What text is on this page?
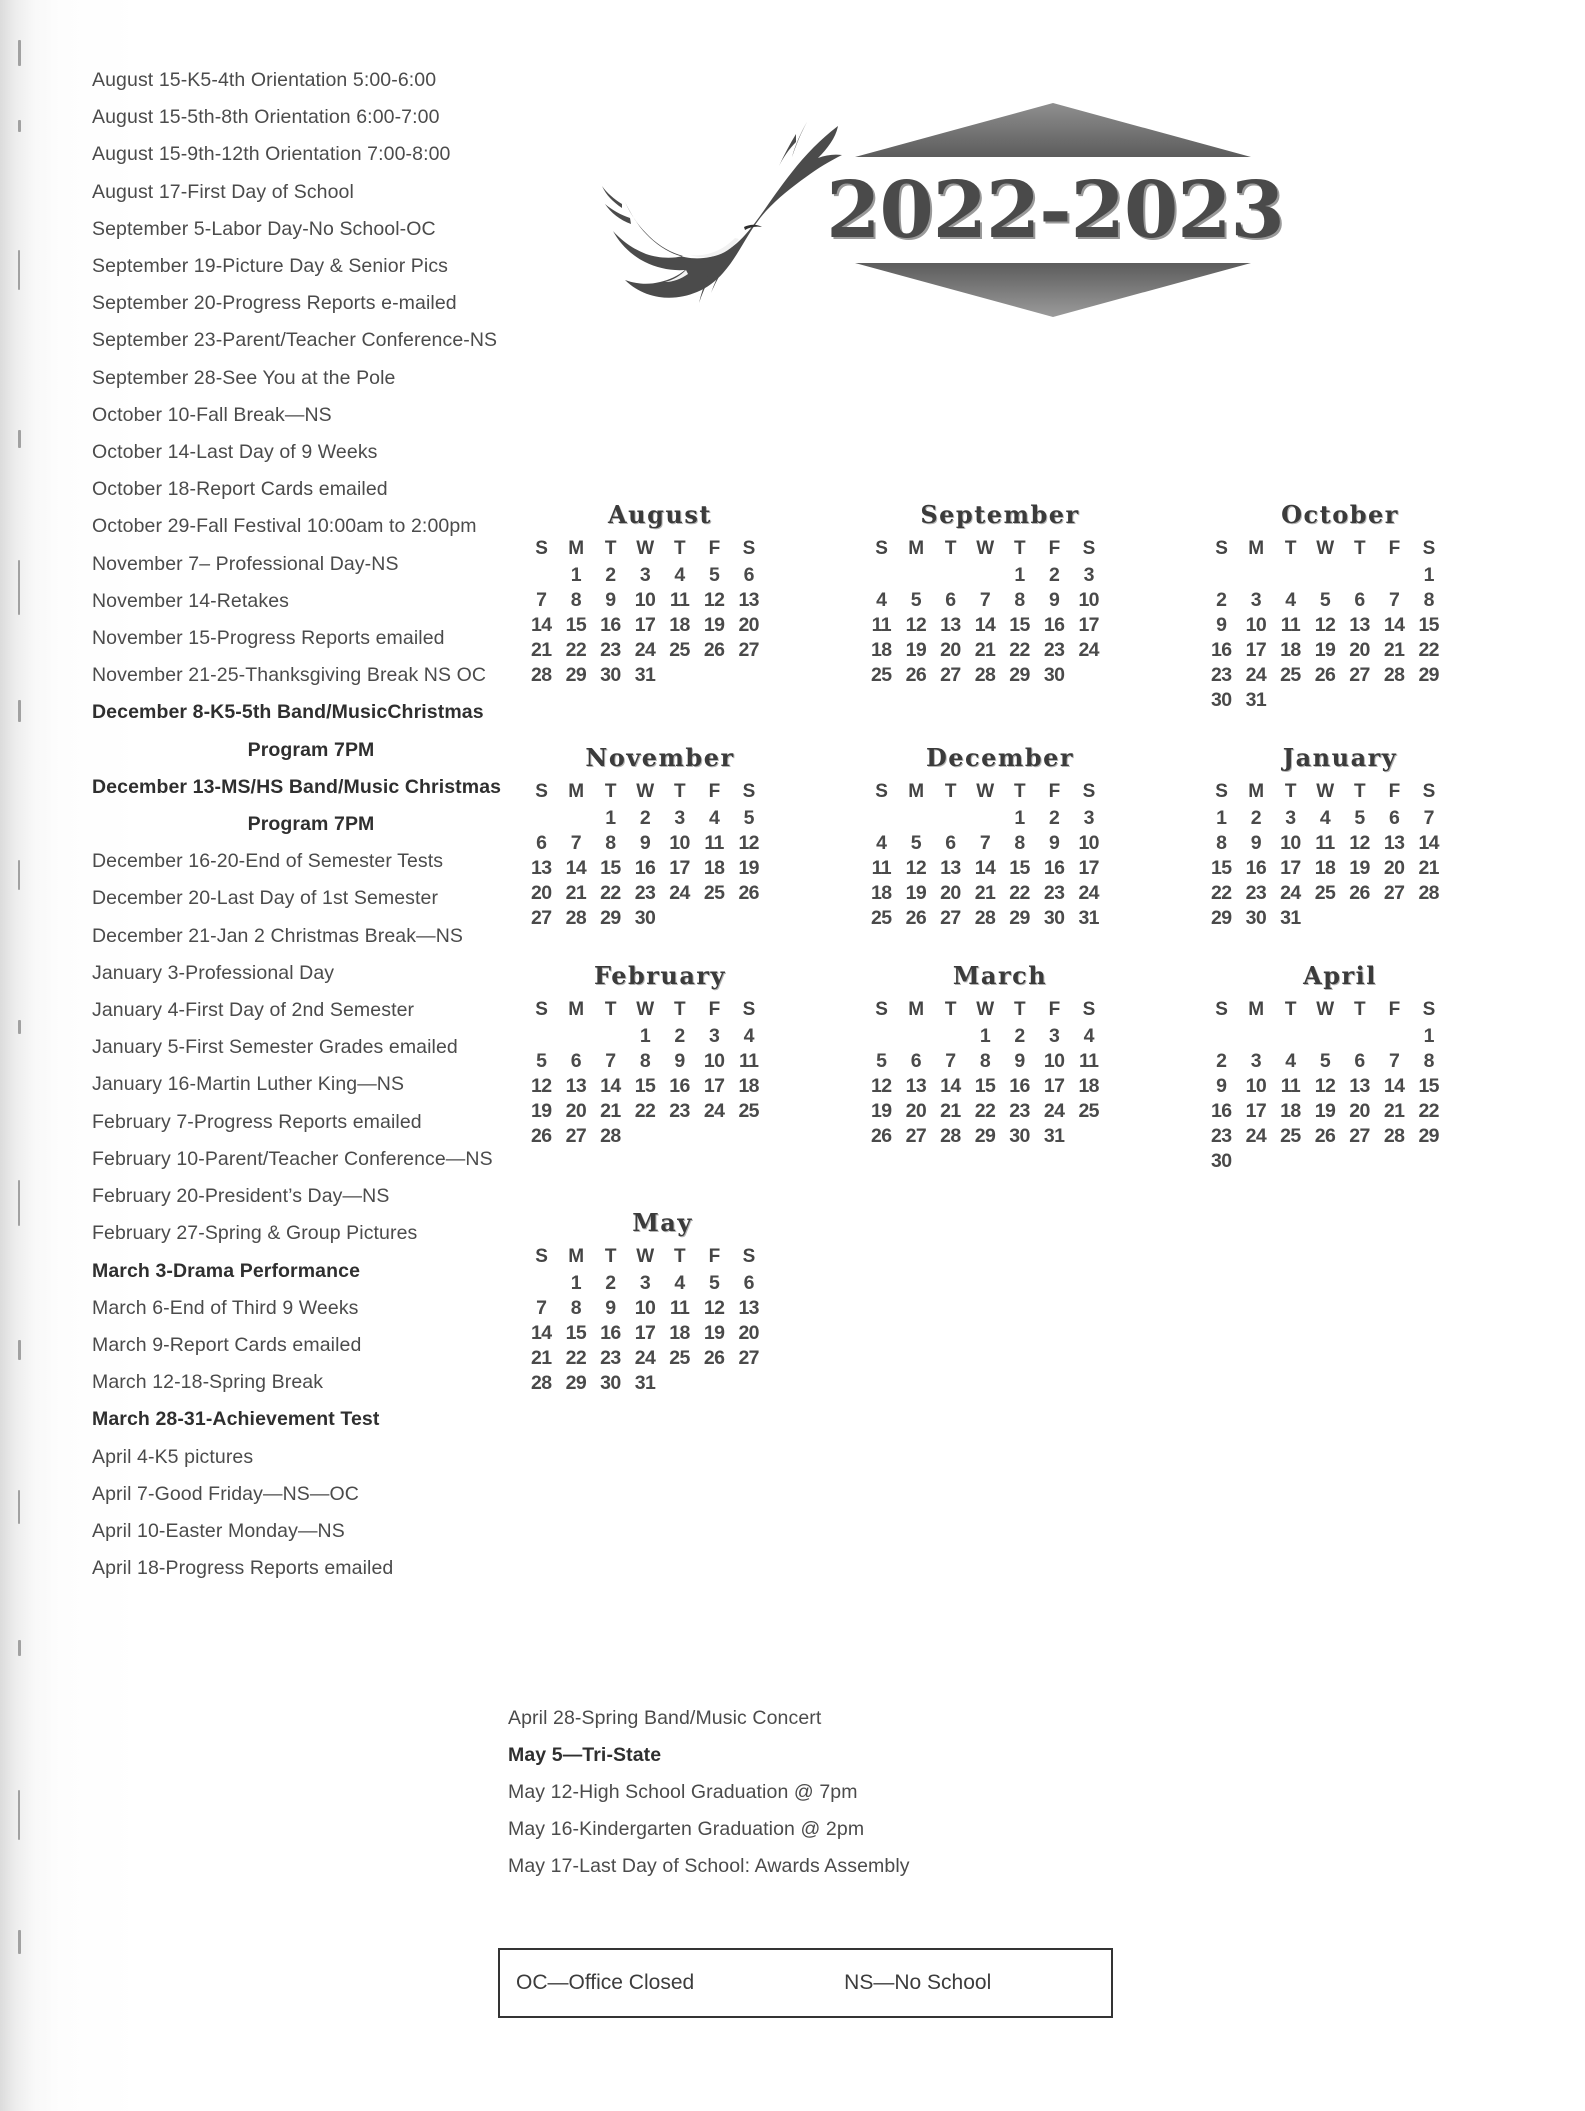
2022-2023
August 15-K5-4th Orientation 5:00-6:00
August 15-5th-8th Orientation 6:00-7:00
August 15-9th-12th Orientation 7:00-8:00
August 17-First Day of School
September 5-Labor Day-No School-OC
September 19-Picture Day & Senior Pics
September 20-Progress Reports e-mailed
September 23-Parent/Teacher Conference-NS
September 28-See You at the Pole
October 10-Fall Break—NS
October 14-Last Day of 9 Weeks
October 18-Report Cards emailed
October 29-Fall Festival 10:00am to 2:00pm
November 7– Professional Day-NS
November 14-Retakes
November 15-Progress Reports emailed
November 21-25-Thanksgiving Break NS OC
December 8-K5-5th Band/MusicChristmas
Program 7PM
December 13-MS/HS Band/Music Christmas
Program 7PM
December 16-20-End of Semester Tests
December 20-Last Day of 1st Semester
December 21-Jan 2 Christmas Break—NS
January 3-Professional Day
January 4-First Day of 2nd Semester
January 5-First Semester Grades emailed
January 16-Martin Luther King—NS
February 7-Progress Reports emailed
February 10-Parent/Teacher Conference—NS
February 20-President’s Day—NS
February 27-Spring & Group Pictures
March 3-Drama Performance
March 6-End of Third 9 Weeks
March 9-Report Cards emailed
March 12-18-Spring Break
March 28-31-Achievement Test
April 4-K5 pictures
April 7-Good Friday—NS—OC
April 10-Easter Monday—NS
April 18-Progress Reports emailed
August
S	M	T	W	T	F	S
	1	2	3	4	5	6
7	8	9	10	11	12	13
14	15	16	17	18	19	20
21	22	23	24	25	26	27
28	29	30	31			
September
S	M	T	W	T	F	S
				1	2	3
4	5	6	7	8	9	10
11	12	13	14	15	16	17
18	19	20	21	22	23	24
25	26	27	28	29	30	
October
S	M	T	W	T	F	S
						1
2	3	4	5	6	7	8
9	10	11	12	13	14	15
16	17	18	19	20	21	22
23	24	25	26	27	28	29
30	31					
November
S	M	T	W	T	F	S
		1	2	3	4	5
6	7	8	9	10	11	12
13	14	15	16	17	18	19
20	21	22	23	24	25	26
27	28	29	30			
December
S	M	T	W	T	F	S
				1	2	3
4	5	6	7	8	9	10
11	12	13	14	15	16	17
18	19	20	21	22	23	24
25	26	27	28	29	30	31
January
S	M	T	W	T	F	S
1	2	3	4	5	6	7
8	9	10	11	12	13	14
15	16	17	18	19	20	21
22	23	24	25	26	27	28
29	30	31				
February
S	M	T	W	T	F	S
			1	2	3	4
5	6	7	8	9	10	11
12	13	14	15	16	17	18
19	20	21	22	23	24	25
26	27	28				
March
S	M	T	W	T	F	S
			1	2	3	4
5	6	7	8	9	10	11
12	13	14	15	16	17	18
19	20	21	22	23	24	25
26	27	28	29	30	31	
April
S	M	T	W	T	F	S
						1
2	3	4	5	6	7	8
9	10	11	12	13	14	15
16	17	18	19	20	21	22
23	24	25	26	27	28	29
30						
May
S	M	T	W	T	F	S
	1	2	3	4	5	6
7	8	9	10	11	12	13
14	15	16	17	18	19	20
21	22	23	24	25	26	27
28	29	30	31			
April 28-Spring Band/Music Concert
May 5—Tri-State
May 12-High School Graduation @ 7pm
May 16-Kindergarten Graduation @ 2pm
May 17-Last Day of School: Awards Assembly
OC—Office Closed	NS—No School
